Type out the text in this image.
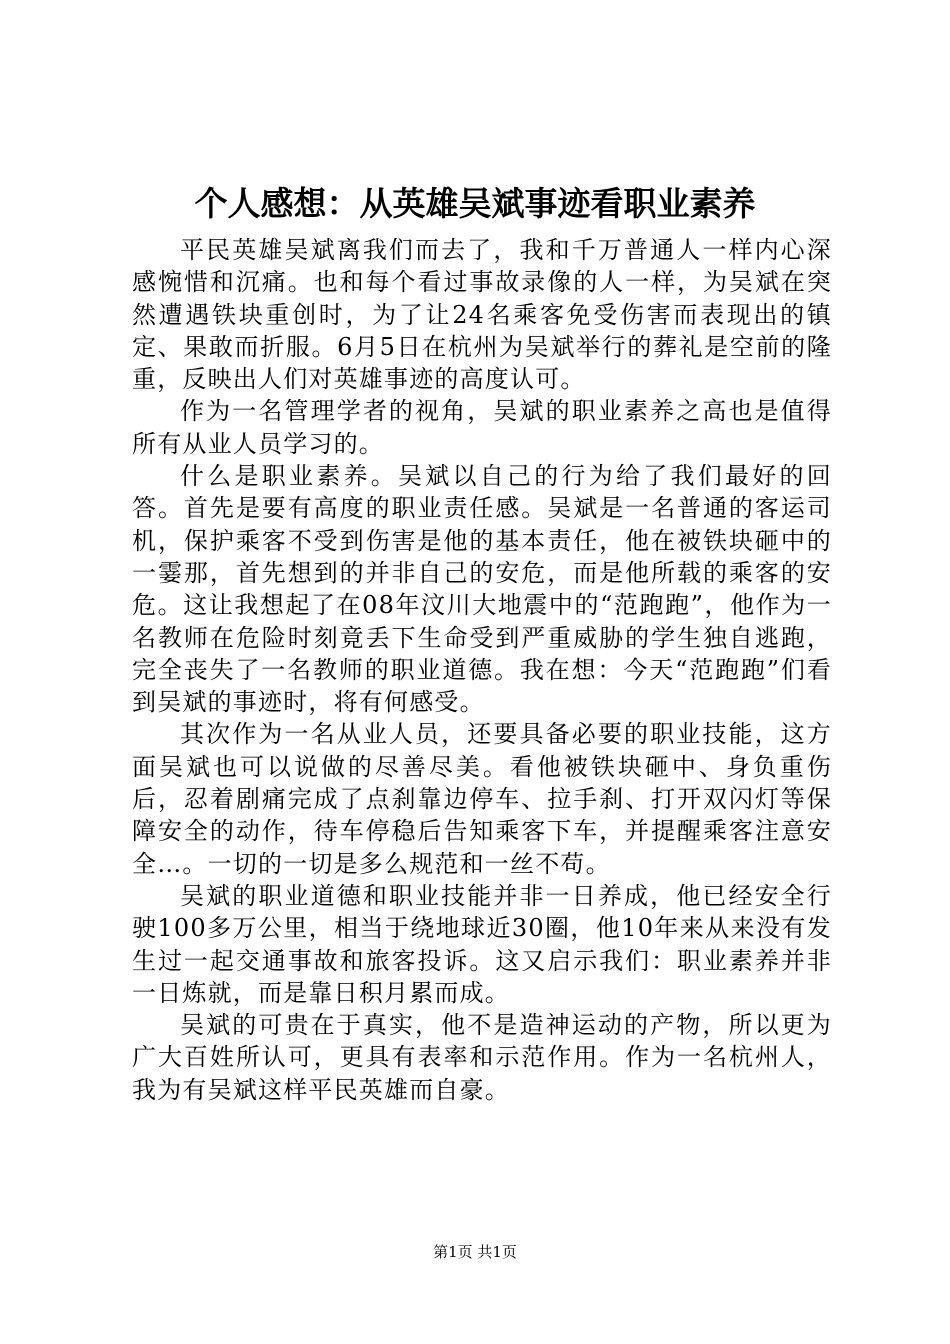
个人感想：从英雄吴斌事迹看职业素养

平民英雄吴斌离我们而去了，我和千万普通人一样内心深感惋惜和沉痛。也和每个看过事故录像的人一样，为吴斌在突然遭遇铁块重创时，为了让24名乘客免受伤害而表现出的镇定、果敢而折服。6月5日在杭州为吴斌举行的葬礼是空前的隆重，反映出人们对英雄事迹的高度认可。

作为一名管理学者的视角，吴斌的职业素养之高也是值得所有从业人员学习的。

什么是职业素养。吴斌以自己的行为给了我们最好的回答。首先是要有高度的职业责任感。吴斌是一名普通的客运司机，保护乘客不受到伤害是他的基本责任，他在被铁块砸中的一霎那，首先想到的并非自己的安危，而是他所载的乘客的安危。这让我想起了在08年汶川大地震中的“范跑跑”，他作为一名教师在危险时刻竟丢下生命受到严重威胁的学生独自逃跑，完全丧失了一名教师的职业道德。我在想：今天“范跑跑”们看到吴斌的事迹时，将有何感受。

其次作为一名从业人员，还要具备必要的职业技能，这方面吴斌也可以说做的尽善尽美。看他被铁块砸中、身负重伤后，忍着剧痛完成了点刹靠边停车、拉手刹、打开双闪灯等保障安全的动作，待车停稳后告知乘客下车，并提醒乘客注意安全…。一切的一切是多么规范和一丝不苟。

吴斌的职业道德和职业技能并非一日养成，他已经安全行驶100多万公里，相当于绕地球近30圈，他10年来从来没有发生过一起交通事故和旅客投诉。这又启示我们：职业素养并非一日炼就，而是靠日积月累而成。

吴斌的可贵在于真实，他不是造神运动的产物，所以更为广大百姓所认可，更具有表率和示范作用。作为一名杭州人，我为有吴斌这样平民英雄而自豪。

第1页 共1页
